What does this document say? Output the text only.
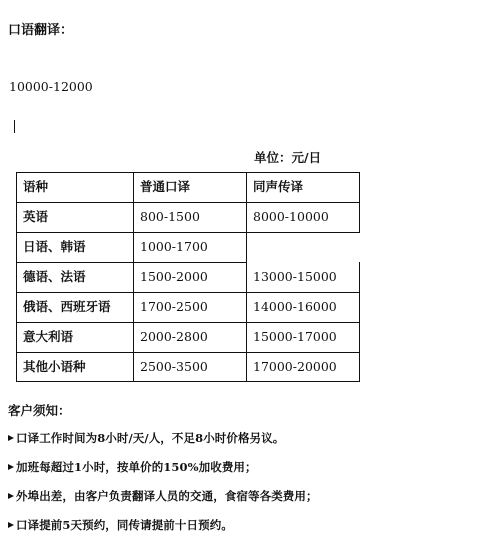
口语翻译：
10000-12000
单位：元/日
语种	普通口译	同声传译
英语	800-1500	8000-10000
日语、韩语	1000-1700
德语、法语	1500-2000	13000-15000
俄语、西班牙语 1700-2500	14000-16000
意大利语	2000-2800	15000-17000
其他小语种	2500-3500	17000-20000
客户须知：
口译工作时间为8小时/天/人，不足8小时价格另议。
加班每超过1小时，按单价的150%加收费用；
外埠出差，由客户负责翻译人员的交通，食宿等各类费用；
口译提前5天预约，同传请提前十日预约。
